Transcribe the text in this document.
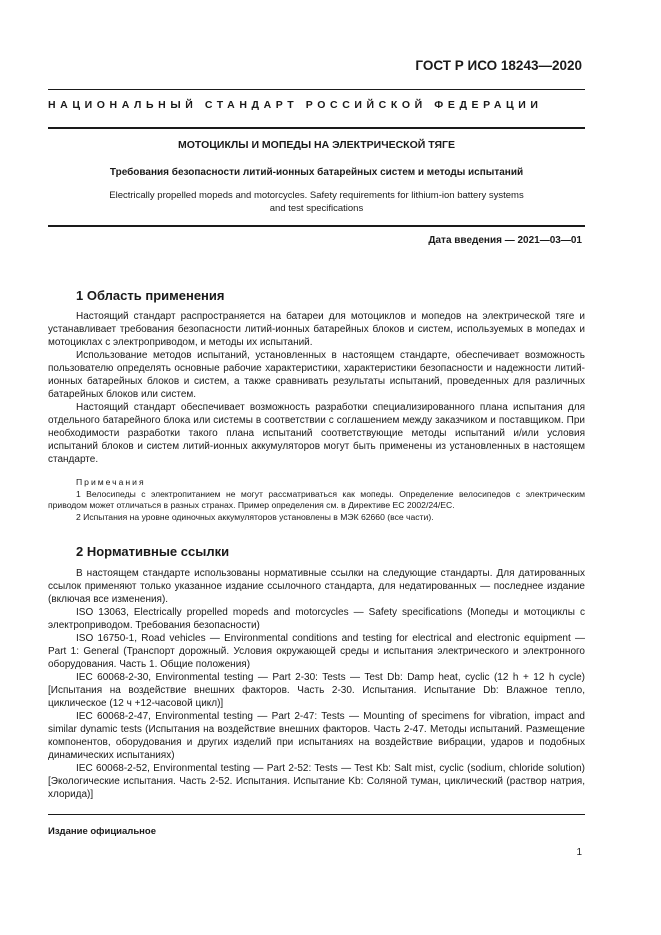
ГОСТ Р ИСО 18243—2020
НАЦИОНАЛЬНЫЙ СТАНДАРТ РОССИЙСКОЙ ФЕДЕРАЦИИ
МОТОЦИКЛЫ И МОПЕДЫ НА ЭЛЕКТРИЧЕСКОЙ ТЯГЕ
Требования безопасности литий-ионных батарейных систем и методы испытаний
Electrically propelled mopeds and motorcycles. Safety requirements for lithium-ion battery systems
and test specifications
Дата введения — 2021—03—01
1 Область применения

Настоящий стандарт распространяется на батареи для мотоциклов и мопедов на электрической тяге и устанавливает требования безопасности литий-ионных батарейных блоков и систем, используемых в мопедах и мотоциклах с электроприводом, и методы их испытаний.

Использование методов испытаний, установленных в настоящем стандарте, обеспечивает возможность пользователю определять основные рабочие характеристики, характеристики безопасности и надежности литий-ионных батарейных блоков и систем, а также сравнивать результаты испытаний, проведенных для различных батарейных блоков или систем.

Настоящий стандарт обеспечивает возможность разработки специализированного плана испытания для отдельного батарейного блока или системы в соответствии с соглашением между заказчиком и поставщиком. При необходимости разработки такого плана испытаний соответствующие методы испытаний и/или условия испытаний блоков и систем литий-ионных аккумуляторов могут быть применены из установленных в настоящем стандарте.

Примечания

1 Велосипеды с электропитанием не могут рассматриваться как мопеды. Определение велосипедов с электрическим приводом может отличаться в разных странах. Пример определения см. в Директиве ЕС 2002/24/ЕС.

2 Испытания на уровне одиночных аккумуляторов установлены в МЭК 62660 (все части).

2 Нормативные ссылки

В настоящем стандарте использованы нормативные ссылки на следующие стандарты. Для датированных ссылок применяют только указанное издание ссылочного стандарта, для недатированных — последнее издание (включая все изменения).

ISO 13063, Electrically propelled mopeds and motorcycles — Safety specifications (Мопеды и мотоциклы с электроприводом. Требования безопасности)

ISO 16750-1, Road vehicles — Environmental conditions and testing for electrical and electronic equipment — Part 1: General (Транспорт дорожный. Условия окружающей среды и испытания электрического и электронного оборудования. Часть 1. Общие положения)

IEC 60068-2-30, Environmental testing — Part 2-30: Tests — Test Db: Damp heat, cyclic (12 h + 12 h cycle) [Испытания на воздействие внешних факторов. Часть 2-30. Испытания. Испытание Db: Влажное тепло, циклическое (12 ч +12-часовой цикл)]

IEC 60068-2-47, Environmental testing — Part 2-47: Tests — Mounting of specimens for vibration, impact and similar dynamic tests (Испытания на воздействие внешних факторов. Часть 2-47. Методы испытаний. Размещение компонентов, оборудования и других изделий при испытаниях на воздействие вибрации, ударов и подобных динамических испытаниях)

IEC 60068-2-52, Environmental testing — Part 2-52: Tests — Test Kb: Salt mist, cyclic (sodium, chloride solution) [Экологические испытания. Часть 2-52. Испытания. Испытание Kb: Соляной туман, циклический (раствор натрия, хлорида)]

Издание официальное
1
